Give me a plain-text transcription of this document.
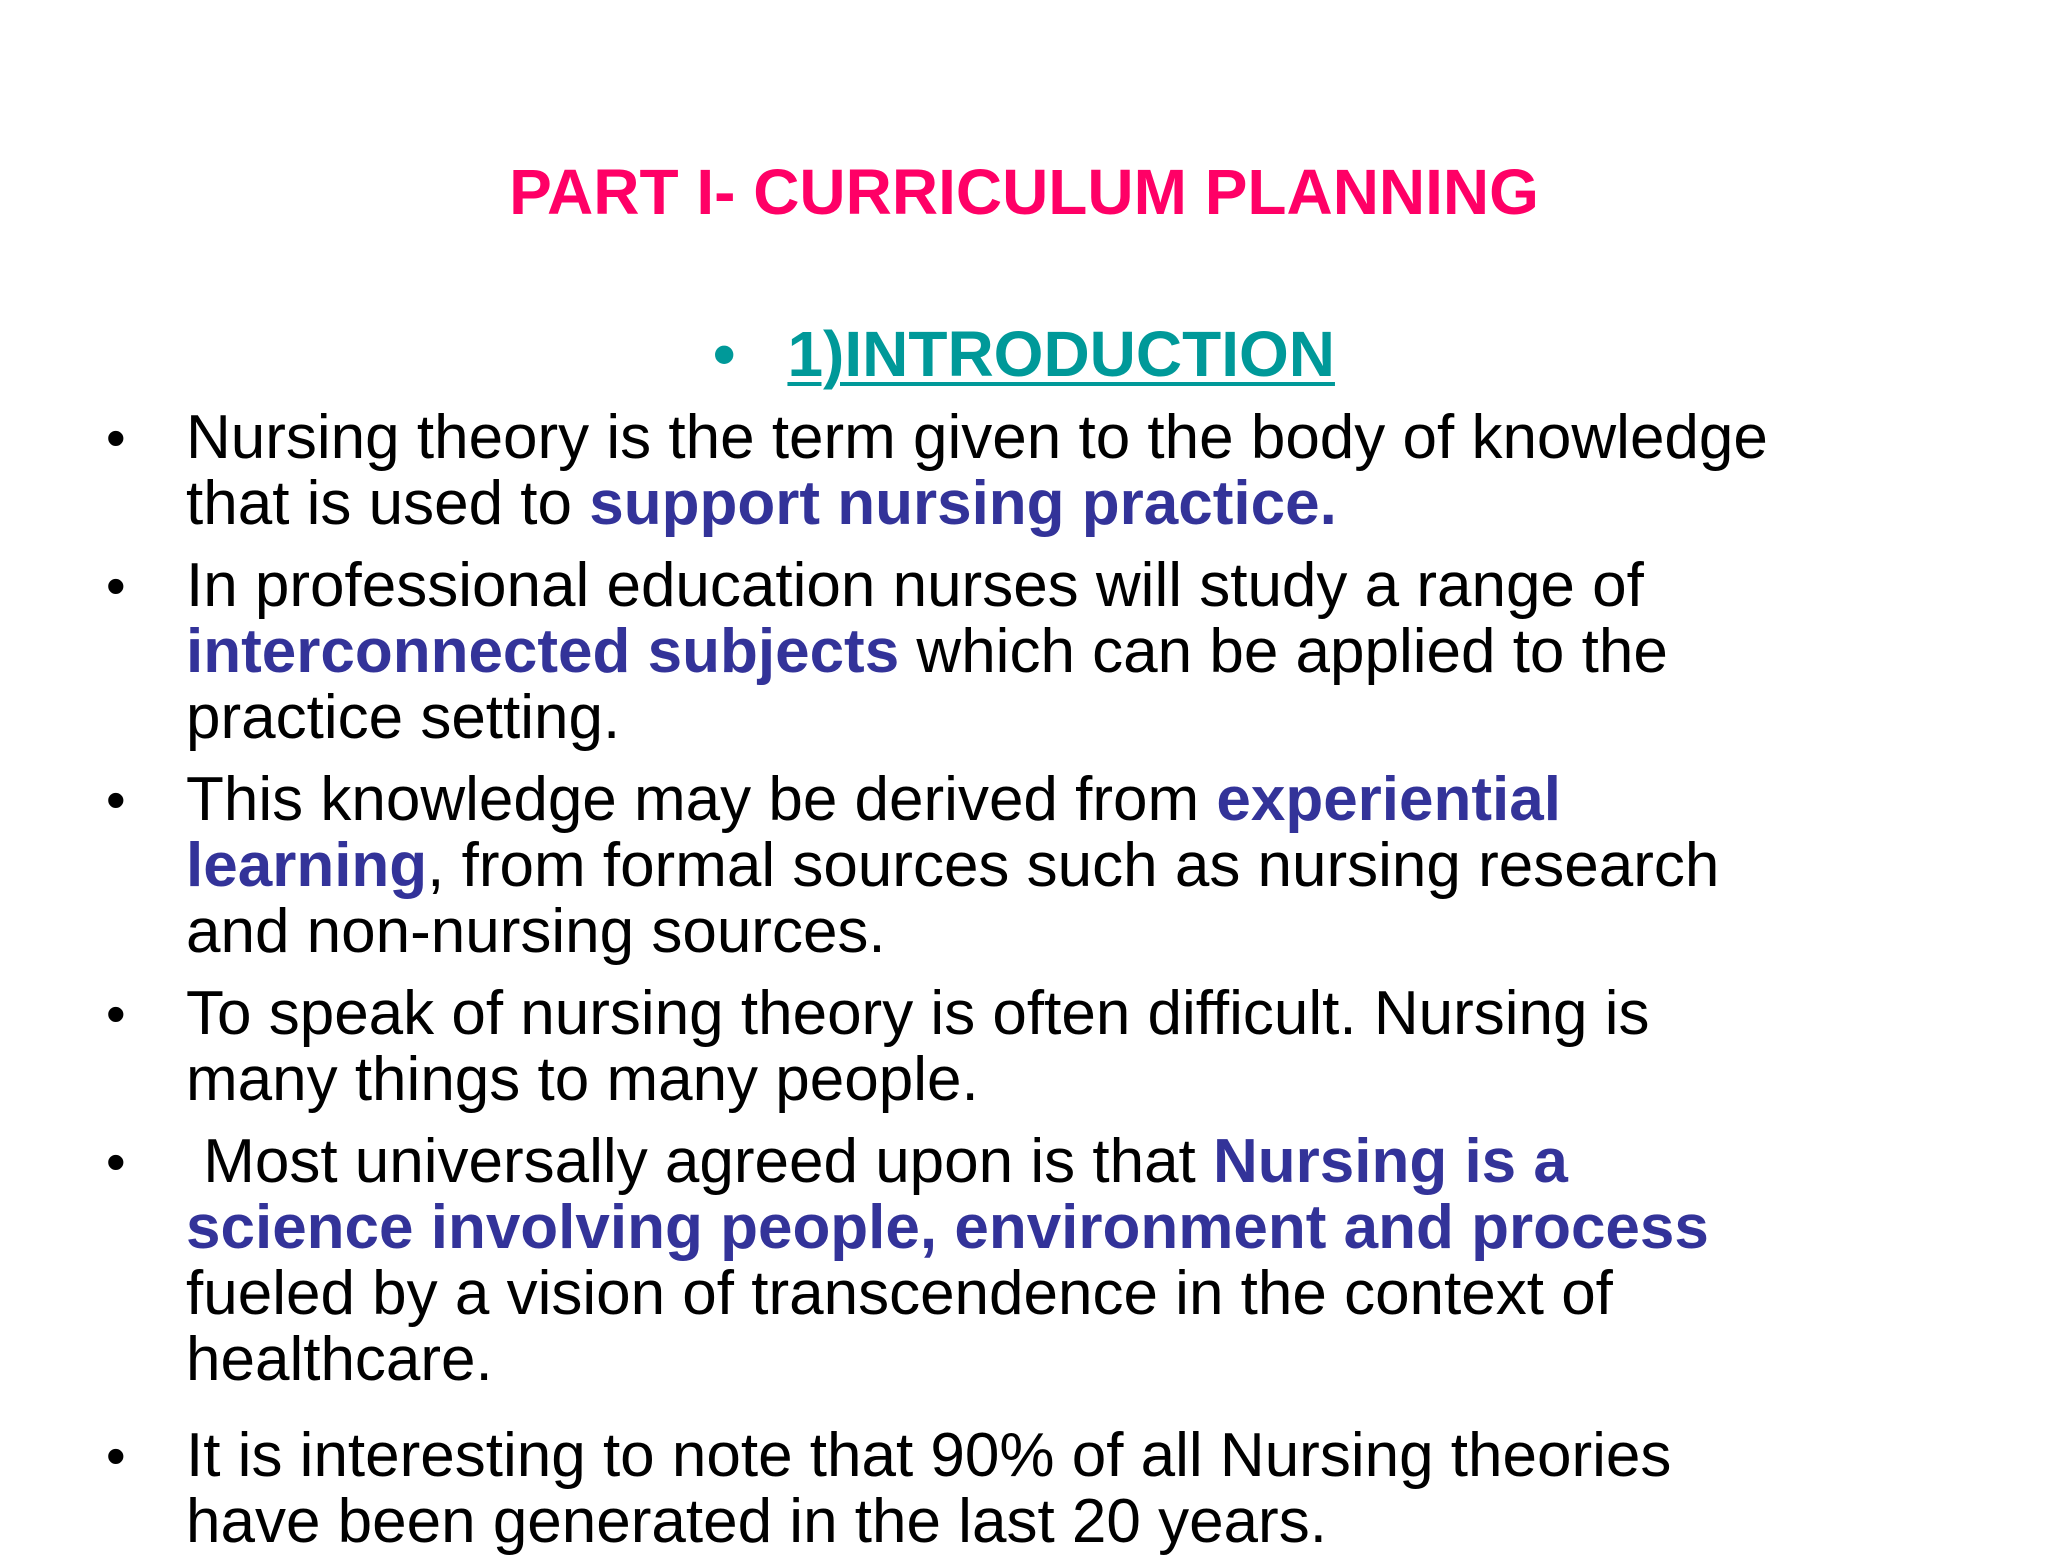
PART I- CURRICULUM PLANNING
• 1)INTRODUCTION
• Nursing theory is the term given to the body of knowledge
that is used to support nursing practice.
• In professional education nurses will study a range of
interconnected subjects which can be applied to the
practice setting.
• This knowledge may be derived from experiential
learning, from formal sources such as nursing research
and non-nursing sources.
• To speak of nursing theory is often difficult. Nursing is
many things to many people.
• Most universally agreed upon is that Nursing is a
science involving people, environment and process
fueled by a vision of transcendence in the context of
healthcare.
• It is interesting to note that 90% of all Nursing theories
have been generated in the last 20 years.
